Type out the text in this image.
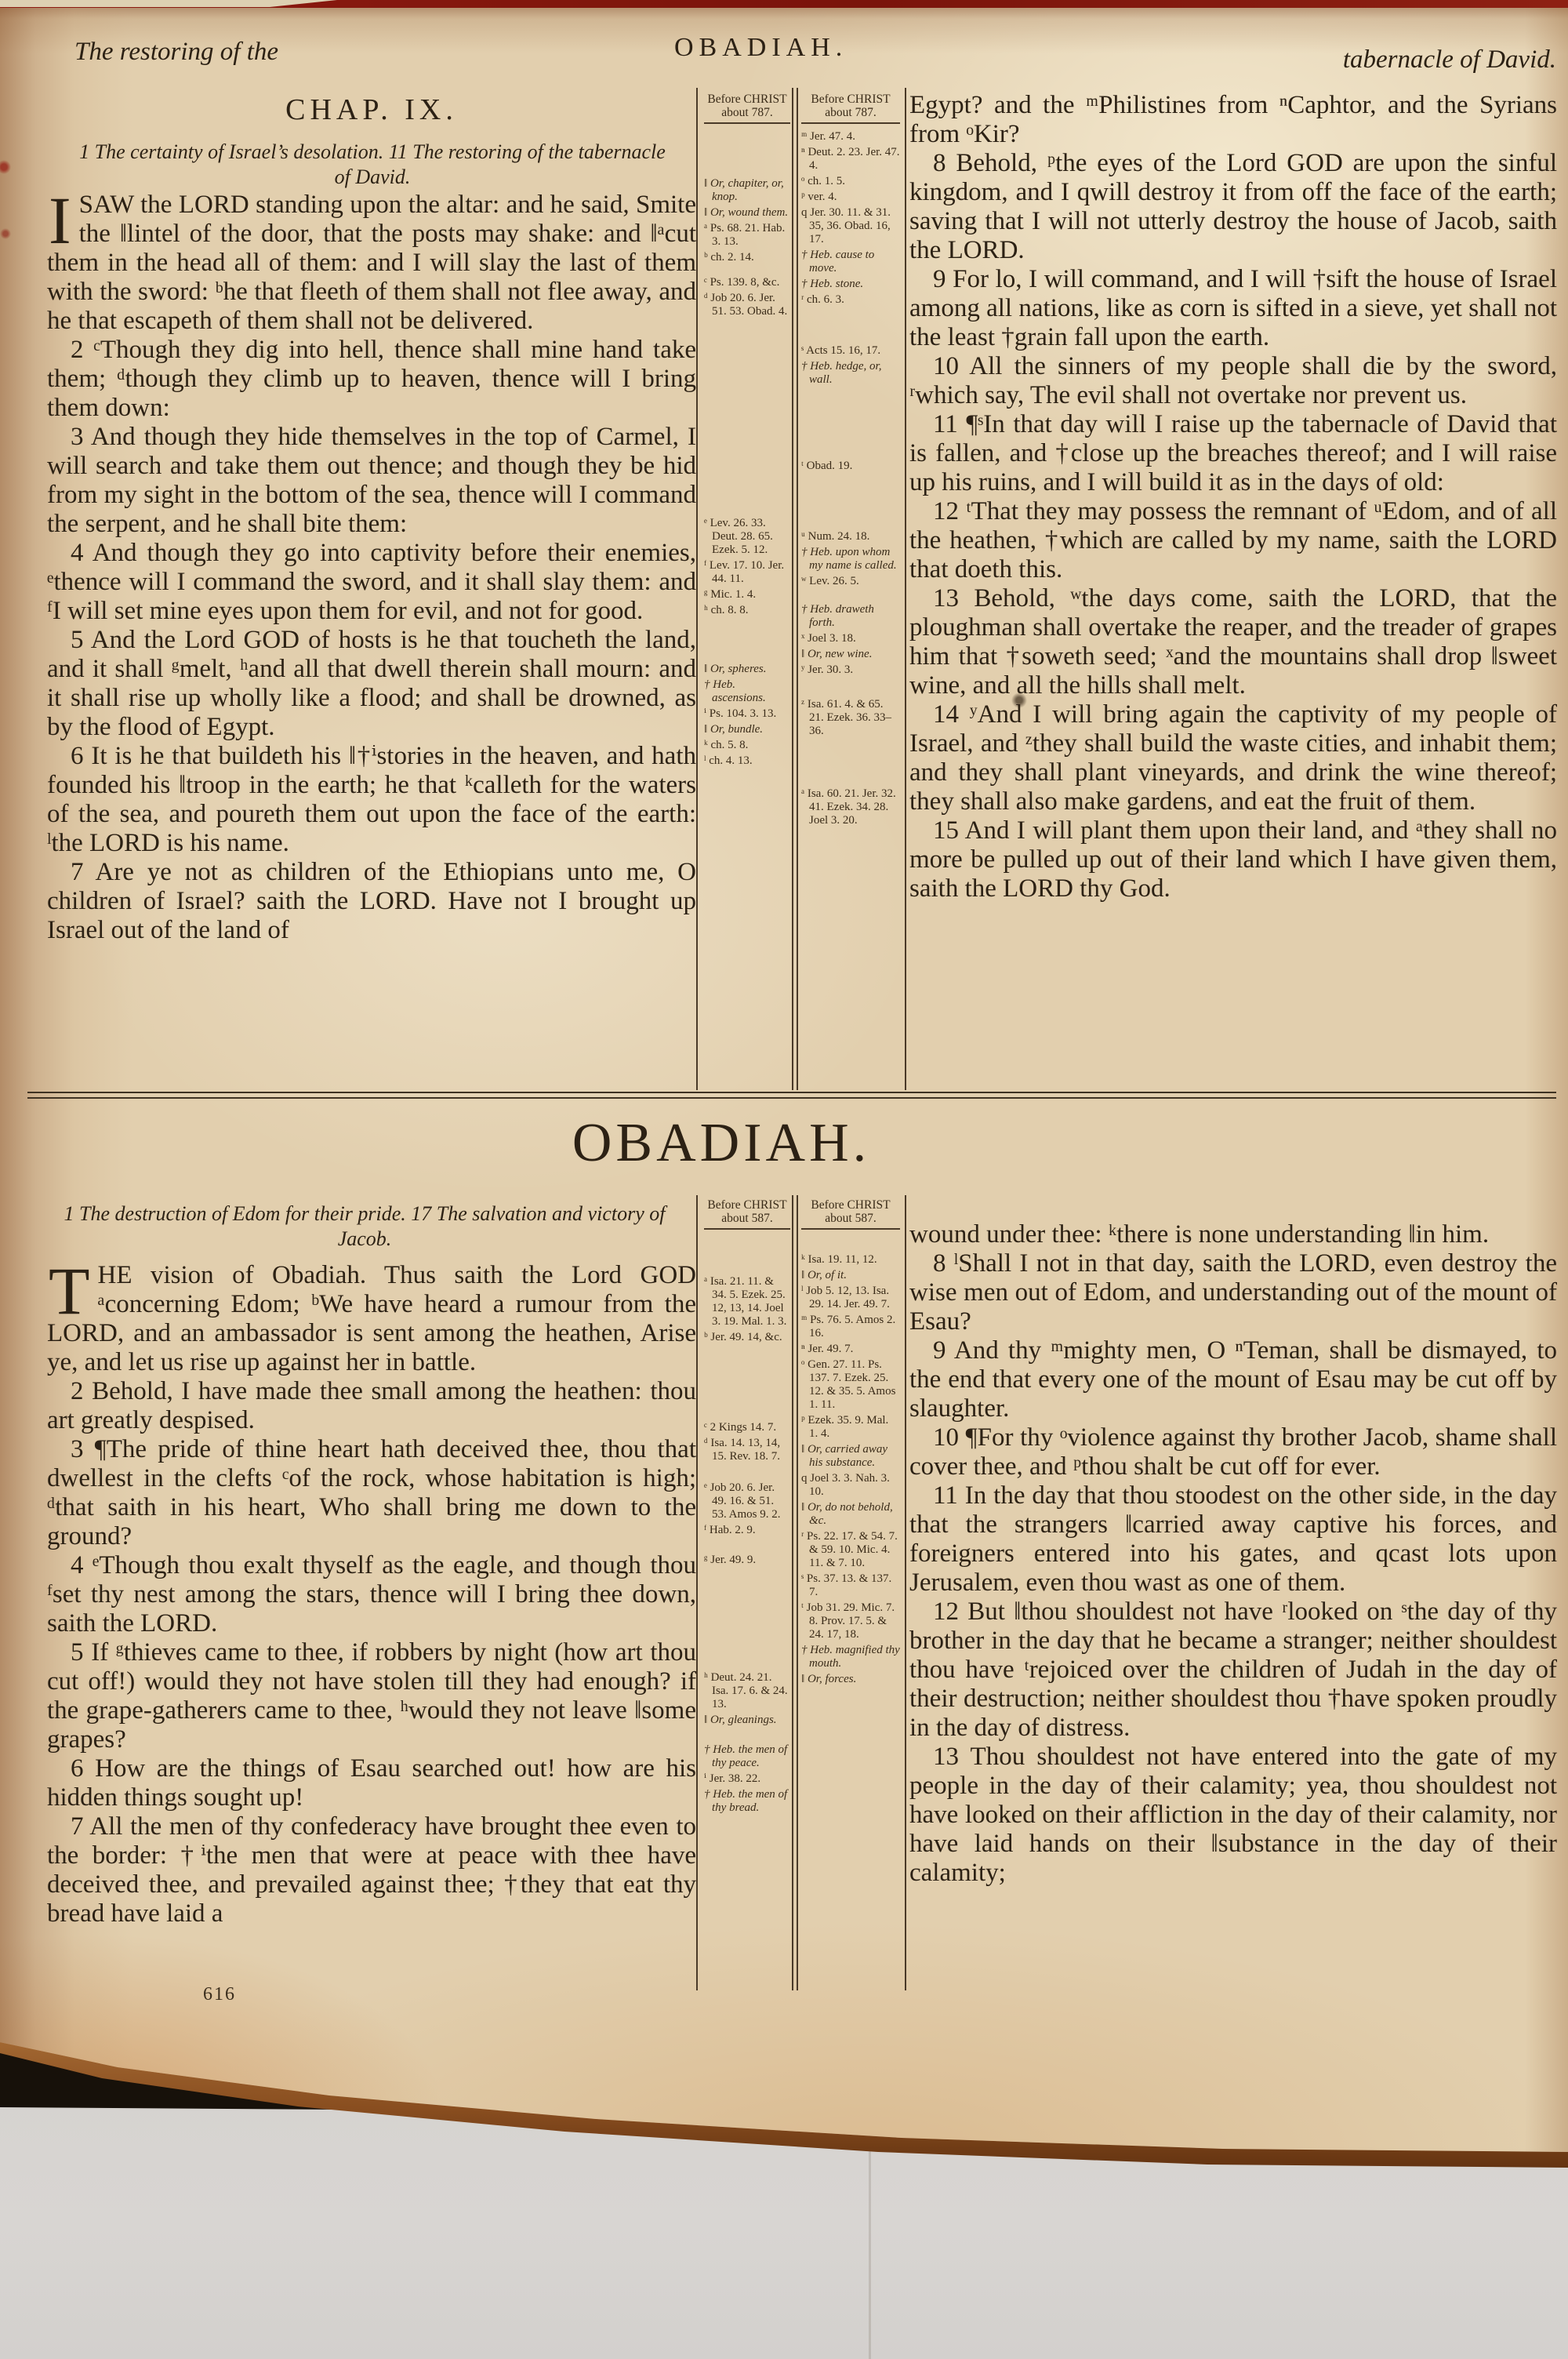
The restoring of the	OBADIAH.	tabernacle of David.
CHAP. IX.
1 The certainty of Israel’s desolation. 11 The restoring of the tabernacle of David.

ISAW the LORD standing upon the altar: and he said, Smite the ‖lintel of the door, that the posts may shake: and ‖ᵃcut them in the head all of them: and I will slay the last of them with the sword: ᵇhe that fleeth of them shall not flee away, and he that escapeth of them shall not be delivered.

2 ᶜThough they dig into hell, thence shall mine hand take them; ᵈthough they climb up to heaven, thence will I bring them down:

3 And though they hide themselves in the top of Carmel, I will search and take them out thence; and though they be hid from my sight in the bottom of the sea, thence will I command the serpent, and he shall bite them:

4 And though they go into captivity before their enemies, ᵉthence will I command the sword, and it shall slay them: and ᶠI will set mine eyes upon them for evil, and not for good.

5 And the Lord GOD of hosts is he that toucheth the land, and it shall ᵍmelt, ʰand all that dwell therein shall mourn: and it shall rise up wholly like a flood; and shall be drowned, as by the flood of Egypt.

6 It is he that buildeth his ‖†ⁱstories in the heaven, and hath founded his ‖troop in the earth; he that ᵏcalleth for the waters of the sea, and poureth them out upon the face of the earth: ˡthe LORD is his name.

7 Are ye not as children of the Ethiopians unto me, O children of Israel? saith the LORD. Have not I brought up Israel out of the land of

Before CHRIST about 787.
‖ Or, chapiter, or, knop.
‖ Or, wound them.
ᵃ Ps. 68. 21. Hab. 3. 13.
ᵇ ch. 2. 14.
ᶜ Ps. 139. 8, &c.
ᵈ Job 20. 6. Jer. 51. 53. Obad. 4.
ᵉ Lev. 26. 33. Deut. 28. 65. Ezek. 5. 12.
ᶠ Lev. 17. 10. Jer. 44. 11.
ᵍ Mic. 1. 4.
ʰ ch. 8. 8.
‖ Or, spheres.
† Heb. ascensions.
ⁱ Ps. 104. 3. 13.
‖ Or, bundle.
ᵏ ch. 5. 8.
ˡ ch. 4. 13.
Before CHRIST about 787.
ᵐ Jer. 47. 4.
ⁿ Deut. 2. 23. Jer. 47. 4.
ᵒ ch. 1. 5.
ᵖ ver. 4.
q Jer. 30. 11. & 31. 35, 36. Obad. 16, 17.
† Heb. cause to move.
† Heb. stone.
ʳ ch. 6. 3.
ˢ Acts 15. 16, 17.
† Heb. hedge, or, wall.
ᵗ Obad. 19.
ᵘ Num. 24. 18.
† Heb. upon whom my name is called.
ʷ Lev. 26. 5.
† Heb. draweth forth.
ˣ Joel 3. 18.
‖ Or, new wine.
ʸ Jer. 30. 3.
ᶻ Isa. 61. 4. & 65. 21. Ezek. 36. 33–36.
ᵃ Isa. 60. 21. Jer. 32. 41. Ezek. 34. 28. Joel 3. 20.

Egypt? and the ᵐPhilistines from ⁿCaphtor, and the Syrians from ᵒKir?

8 Behold, ᵖthe eyes of the Lord GOD are upon the sinful kingdom, and I qwill destroy it from off the face of the earth; saving that I will not utterly destroy the house of Jacob, saith the LORD.

9 For lo, I will command, and I will †sift the house of Israel among all nations, like as corn is sifted in a sieve, yet shall not the least †grain fall upon the earth.

10 All the sinners of my people shall die by the sword, ʳwhich say, The evil shall not overtake nor prevent us.

11 ¶ˢIn that day will I raise up the tabernacle of David that is fallen, and †close up the breaches thereof; and I will raise up his ruins, and I will build it as in the days of old:

12 ᵗThat they may possess the remnant of ᵘEdom, and of all the heathen, †which are called by my name, saith the LORD that doeth this.

13 Behold, ʷthe days come, saith the LORD, that the ploughman shall overtake the reaper, and the treader of grapes him that †soweth seed; ˣand the mountains shall drop ‖sweet wine, and all the hills shall melt.

14 ʸAnd I will bring again the captivity of my people of Israel, and ᶻthey shall build the waste cities, and inhabit them; and they shall plant vineyards, and drink the wine thereof; they shall also make gardens, and eat the fruit of them.

15 And I will plant them upon their land, and ᵃthey shall no more be pulled up out of their land which I have given them, saith the LORD thy God.

OBADIAH.
1 The destruction of Edom for their pride. 17 The salvation and victory of Jacob.

THE vision of Obadiah. Thus saith the Lord GOD ᵃconcerning Edom; ᵇWe have heard a rumour from the LORD, and an ambassador is sent among the heathen, Arise ye, and let us rise up against her in battle.

2 Behold, I have made thee small among the heathen: thou art greatly despised.

3 ¶The pride of thine heart hath deceived thee, thou that dwellest in the clefts ᶜof the rock, whose habitation is high; ᵈthat saith in his heart, Who shall bring me down to the ground?

4 ᵉThough thou exalt thyself as the eagle, and though thou ᶠset thy nest among the stars, thence will I bring thee down, saith the LORD.

5 If ᵍthieves came to thee, if robbers by night (how art thou cut off!) would they not have stolen till they had enough? if the grape-gatherers came to thee, ʰwould they not leave ‖some grapes?

6 How are the things of Esau searched out! how are his hidden things sought up!

7 All the men of thy confederacy have brought thee even to the border: †ⁱthe men that were at peace with thee have deceived thee, and prevailed against thee; †they that eat thy bread have laid a

Before CHRIST about 587.
ᵃ Isa. 21. 11. & 34. 5. Ezek. 25. 12, 13, 14. Joel 3. 19. Mal. 1. 3.
ᵇ Jer. 49. 14, &c.
ᶜ 2 Kings 14. 7.
ᵈ Isa. 14. 13, 14, 15. Rev. 18. 7.
ᵉ Job 20. 6. Jer. 49. 16. & 51. 53. Amos 9. 2.
ᶠ Hab. 2. 9.
ᵍ Jer. 49. 9.
ʰ Deut. 24. 21. Isa. 17. 6. & 24. 13.
‖ Or, gleanings.
† Heb. the men of thy peace.
ⁱ Jer. 38. 22.
† Heb. the men of thy bread.
Before CHRIST about 587.
ᵏ Isa. 19. 11, 12.
‖ Or, of it.
ˡ Job 5. 12, 13. Isa. 29. 14. Jer. 49. 7.
ᵐ Ps. 76. 5. Amos 2. 16.
ⁿ Jer. 49. 7.
ᵒ Gen. 27. 11. Ps. 137. 7. Ezek. 25. 12. & 35. 5. Amos 1. 11.
ᵖ Ezek. 35. 9. Mal. 1. 4.
‖ Or, carried away his substance.
q Joel 3. 3. Nah. 3. 10.
‖ Or, do not behold, &c.
ʳ Ps. 22. 17. & 54. 7. & 59. 10. Mic. 4. 11. & 7. 10.
ˢ Ps. 37. 13. & 137. 7.
ᵗ Job 31. 29. Mic. 7. 8. Prov. 17. 5. & 24. 17, 18.
† Heb. magnified thy mouth.
‖ Or, forces.

wound under thee: ᵏthere is none understanding ‖in him.

8 ˡShall I not in that day, saith the LORD, even destroy the wise men out of Edom, and understanding out of the mount of Esau?

9 And thy ᵐmighty men, O ⁿTeman, shall be dismayed, to the end that every one of the mount of Esau may be cut off by slaughter.

10 ¶For thy ᵒviolence against thy brother Jacob, shame shall cover thee, and ᵖthou shalt be cut off for ever.

11 In the day that thou stoodest on the other side, in the day that the strangers ‖carried away captive his forces, and foreigners entered into his gates, and qcast lots upon Jerusalem, even thou wast as one of them.

12 But ‖thou shouldest not have ʳlooked on ˢthe day of thy brother in the day that he became a stranger; neither shouldest thou have ᵗrejoiced over the children of Judah in the day of their destruction; neither shouldest thou †have spoken proudly in the day of distress.

13 Thou shouldest not have entered into the gate of my people in the day of their calamity; yea, thou shouldest not have looked on their affliction in the day of their calamity, nor have laid hands on their ‖substance in the day of their calamity;

616
